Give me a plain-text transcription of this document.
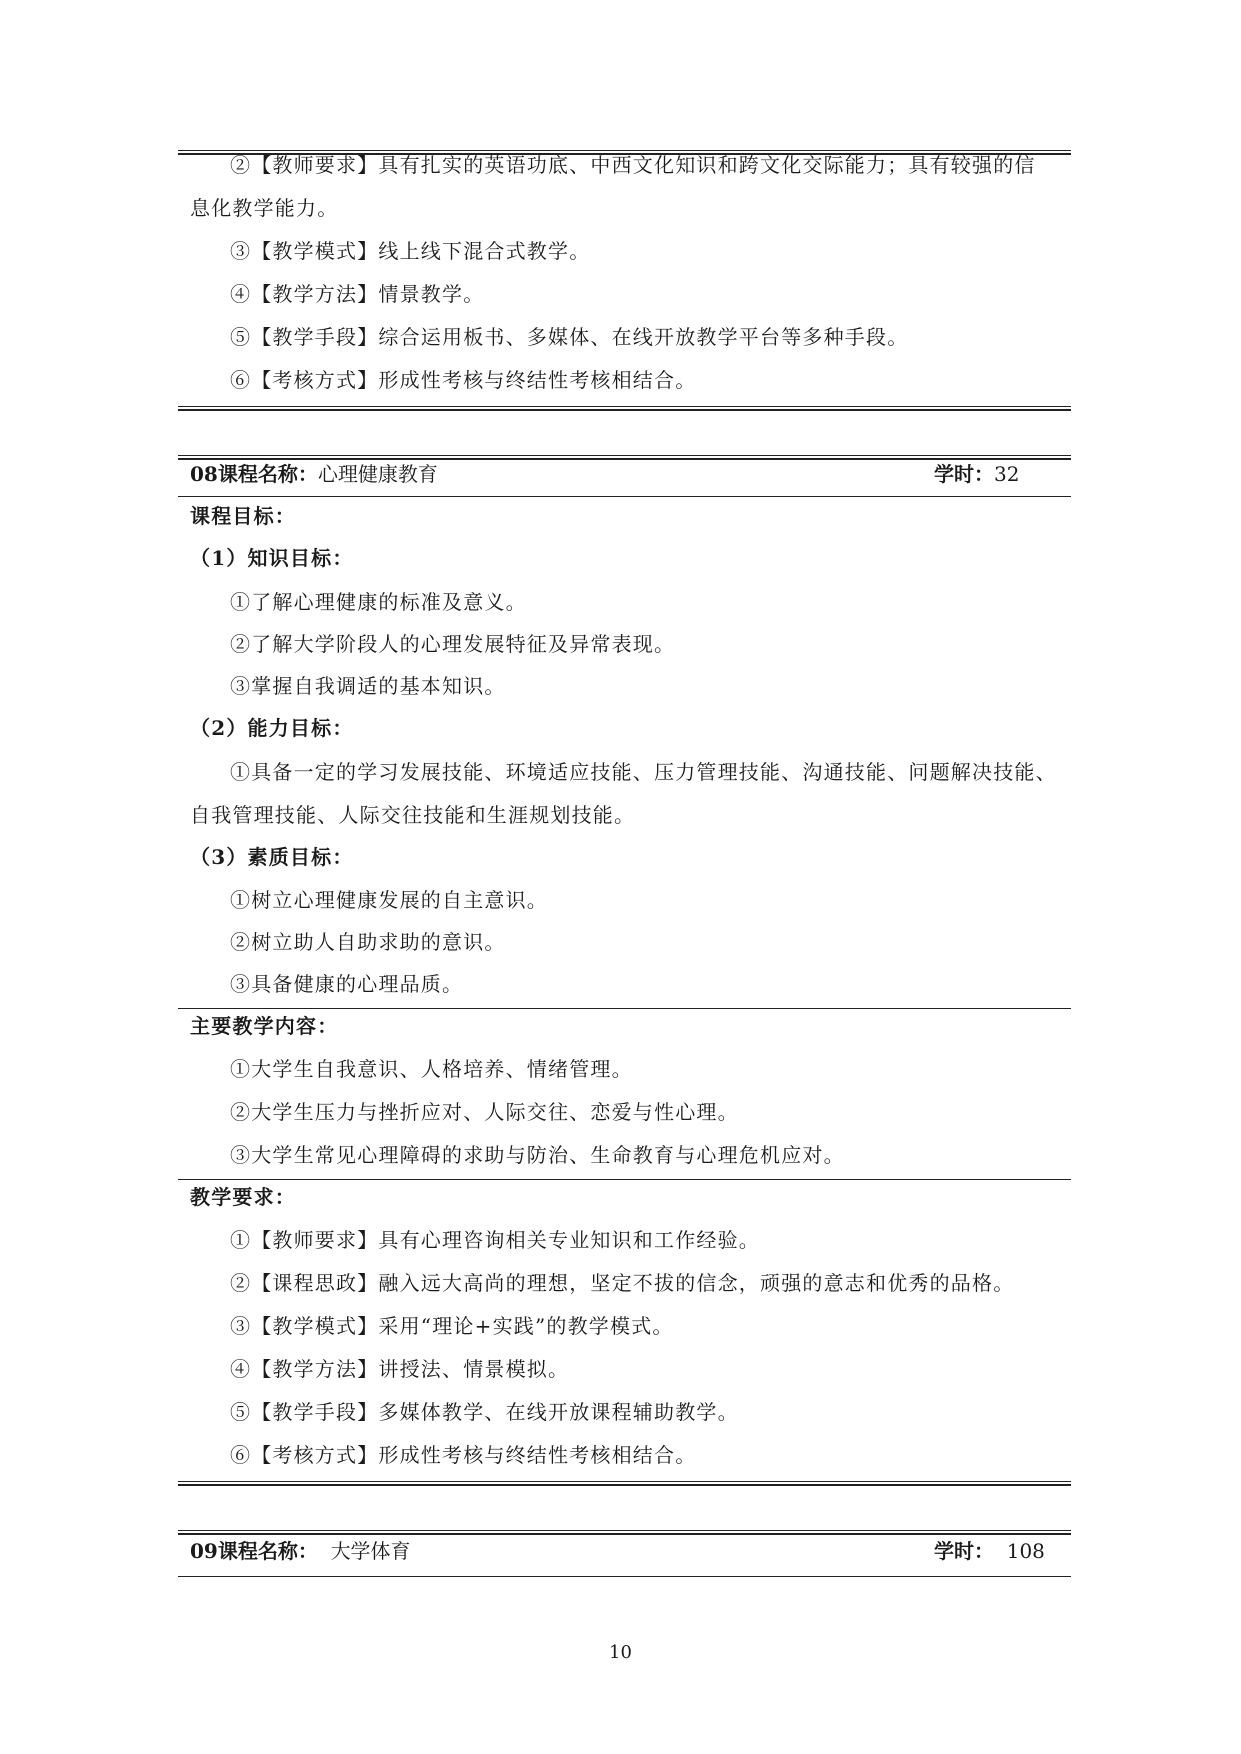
②【教师要求】具有扎实的英语功底、中西文化知识和跨文化交际能力；具有较强的信
息化教学能力。
③【教学模式】线上线下混合式教学。
④【教学方法】情景教学。
⑤【教学手段】综合运用板书、多媒体、在线开放教学平台等多种手段。
⑥【考核方式】形成性考核与终结性考核相结合。
08课程名称：心理健康教育	学时：32
课程目标：
（1）知识目标：
①了解心理健康的标准及意义。
②了解大学阶段人的心理发展特征及异常表现。
③掌握自我调适的基本知识。
（2）能力目标：
①具备一定的学习发展技能、环境适应技能、压力管理技能、沟通技能、问题解决技能、
自我管理技能、人际交往技能和生涯规划技能。
（3）素质目标：
①树立心理健康发展的自主意识。
②树立助人自助求助的意识。
③具备健康的心理品质。
主要教学内容：
①大学生自我意识、人格培养、情绪管理。
②大学生压力与挫折应对、人际交往、恋爱与性心理。
③大学生常见心理障碍的求助与防治、生命教育与心理危机应对。
教学要求：
①【教师要求】具有心理咨询相关专业知识和工作经验。
②【课程思政】融入远大高尚的理想，坚定不拔的信念，顽强的意志和优秀的品格。
③【教学模式】采用“理论+实践”的教学模式。
④【教学方法】讲授法、情景模拟。
⑤【教学手段】多媒体教学、在线开放课程辅助教学。
⑥【考核方式】形成性考核与终结性考核相结合。
09课程名称： 大学体育	学时： 108
10
